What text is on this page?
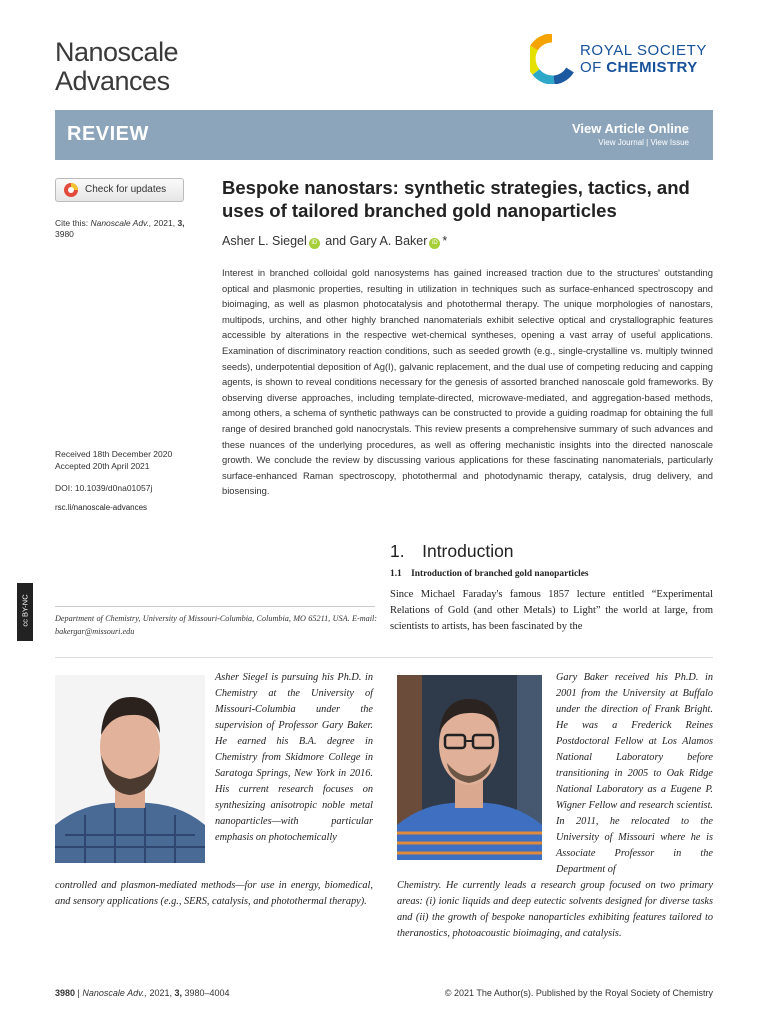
Nanoscale
Advances
ROYAL SOCIETY
OF CHEMISTRY
REVIEW	View Article Online
View Journal | View Issue
Check for updates
Cite this: Nanoscale Adv., 2021, 3,
3980
Bespoke nanostars: synthetic strategies, tactics, and uses of tailored branched gold nanoparticles
Asher L. Siegel iD and Gary A. Baker iD *
Interest in branched colloidal gold nanosystems has gained increased traction due to the structures' outstanding optical and plasmonic properties, resulting in utilization in techniques such as surface-enhanced spectroscopy and bioimaging, as well as plasmon photocatalysis and photothermal therapy. The unique morphologies of nanostars, multipods, urchins, and other highly branched nanomaterials exhibit selective optical and crystallographic features accessible by alterations in the respective wet-chemical syntheses, opening a vast array of useful applications. Examination of discriminatory reaction conditions, such as seeded growth (e.g., single-crystalline vs. multiply twinned seeds), underpotential deposition of Ag(I), galvanic replacement, and the dual use of competing reducing and capping agents, is shown to reveal conditions necessary for the genesis of assorted branched nanoscale gold frameworks. By observing diverse approaches, including template-directed, microwave-mediated, and aggregation-based methods, among others, a schema of synthetic pathways can be constructed to provide a guiding roadmap for obtaining the full range of desired branched gold nanocrystals. This review presents a comprehensive summary of such advances and these nuances of the underlying procedures, as well as offering mechanistic insights into the directed nanoscale growth. We conclude the review by discussing various applications for these fascinating nanomaterials, particularly surface-enhanced Raman spectroscopy, photothermal and photodynamic therapy, catalysis, drug delivery, and biosensing.
Received 18th December 2020
Accepted 20th April 2021
DOI: 10.1039/d0na01057j
rsc.li/nanoscale-advances
cc BY-NC
1. Introduction
1.1 Introduction of branched gold nanoparticles
Since Michael Faraday's famous 1857 lecture entitled “Experimental Relations of Gold (and other Metals) to Light” the world at large, from scientists to artists, has been fascinated by the
Department of Chemistry, University of Missouri-Columbia, Columbia, MO 65211, USA. E-mail: bakergar@missouri.edu
Asher Siegel is pursuing his Ph.D. in Chemistry at the University of Missouri-Columbia under the supervision of Professor Gary Baker. He earned his B.A. degree in Chemistry from Skidmore College in Saratoga Springs, New York in 2016. His current research focuses on synthesizing anisotropic noble metal nanoparticles—with particular emphasis on photochemically
controlled and plasmon-mediated methods—for use in energy, biomedical, and sensory applications (e.g., SERS, catalysis, and photothermal therapy).
Gary Baker received his Ph.D. in 2001 from the University at Buffalo under the direction of Frank Bright. He was a Frederick Reines Postdoctoral Fellow at Los Alamos National Laboratory before transitioning in 2005 to Oak Ridge National Laboratory as a Eugene P. Wigner Fellow and research scientist. In 2011, he relocated to the University of Missouri where he is Associate Professor in the Department of
Chemistry. He currently leads a research group focused on two primary areas: (i) ionic liquids and deep eutectic solvents designed for diverse tasks and (ii) the growth of bespoke nanoparticles exhibiting features tailored to theranostics, photoacoustic bioimaging, and catalysis.
3980 | Nanoscale Adv., 2021, 3, 3980–4004	© 2021 The Author(s). Published by the Royal Society of Chemistry
